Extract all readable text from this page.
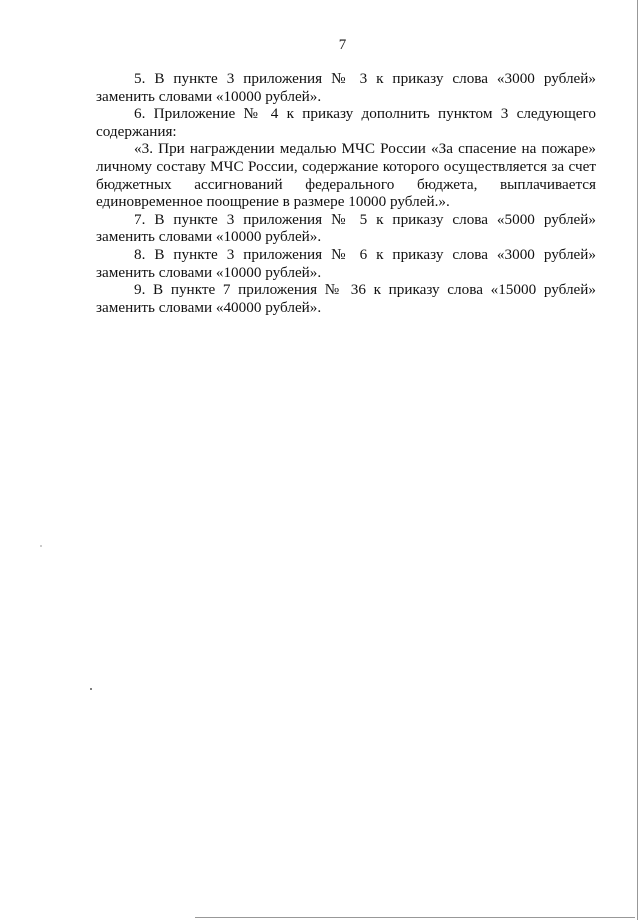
7

5. В пункте 3 приложения № 3 к приказу слова «3000 рублей» заменить словами «10000 рублей».

6. Приложение № 4 к приказу дополнить пунктом 3 следующего содержания:

«3. При награждении медалью МЧС России «За спасение на пожаре» личному составу МЧС России, содержание которого осуществляется за счет бюджетных ассигнований федерального бюджета, выплачивается единовременное поощрение в размере 10000 рублей.».

7. В пункте 3 приложения № 5 к приказу слова «5000 рублей» заменить словами «10000 рублей».

8. В пункте 3 приложения № 6 к приказу слова «3000 рублей» заменить словами «10000 рублей».

9. В пункте 7 приложения № 36 к приказу слова «15000 рублей» заменить словами «40000 рублей».
